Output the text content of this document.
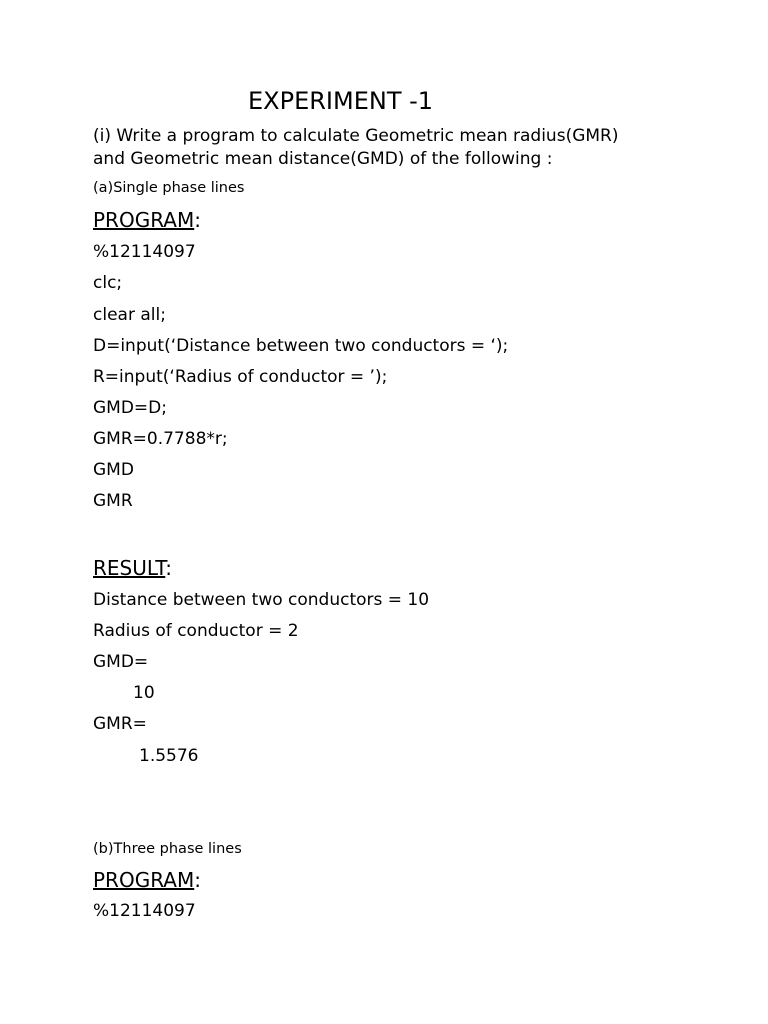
EXPERIMENT -1
(i) Write a program to calculate Geometric mean radius(GMR)
and Geometric mean distance(GMD) of the following :
(a)Single phase lines
PROGRAM:
%12114097
clc;
clear all;
D=input(‘Distance between two conductors = ‘);
R=input(‘Radius of conductor = ’);
GMD=D;
GMR=0.7788*r;
GMD
GMR
RESULT:
Distance between two conductors = 10
Radius of conductor = 2
GMD=
10
GMR=
1.5576
(b)Three phase lines
PROGRAM:
%12114097
